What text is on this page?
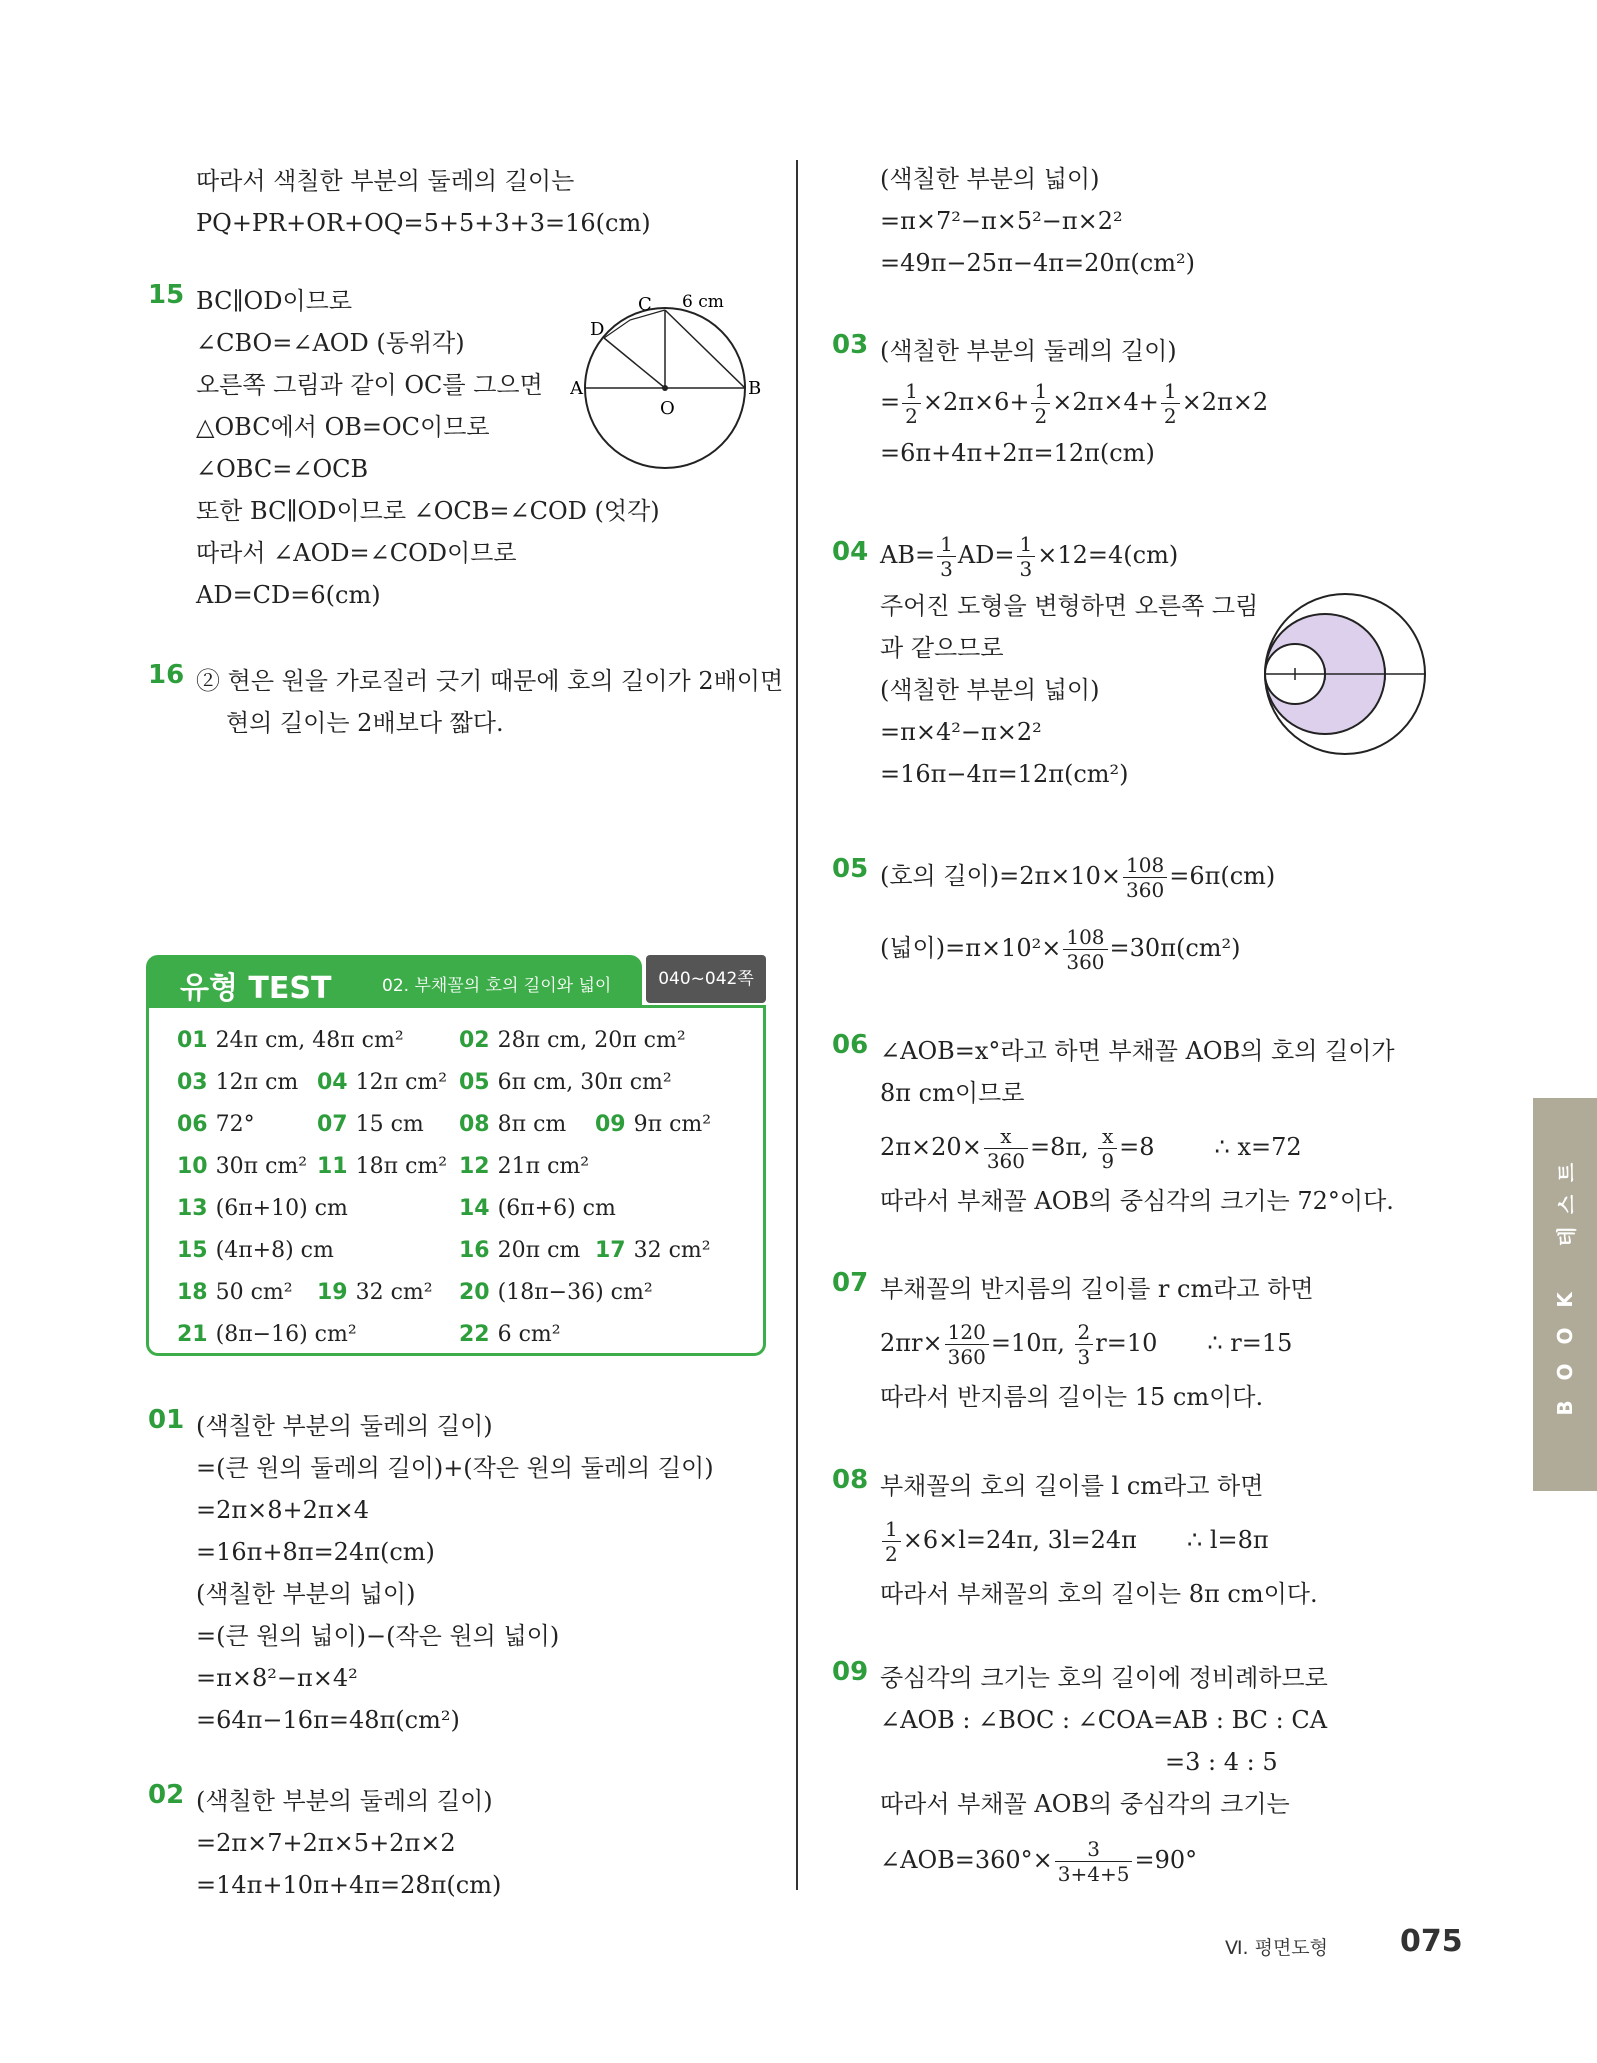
따라서 색칠한 부분의 둘레의 길이는
PQ+PR+OR+OQ=5+5+3+3=16(cm)
15 BC∥OD이므로
∠CBO=∠AOD (동위각)
오른쪽 그림과 같이 OC를 그으면
△OBC에서 OB=OC이므로
∠OBC=∠OCB
또한 BC∥OD이므로 ∠OCB=∠COD (엇각)
따라서 ∠AOD=∠COD이므로
AD=CD=6(cm)
16 ② 현은 원을 가로질러 긋기 때문에 호의 길이가 2배이면
현의 길이는 2배보다 짧다.
01 (색칠한 부분의 둘레의 길이)
=(큰 원의 둘레의 길이)+(작은 원의 둘레의 길이)
=2π×8+2π×4
=16π+8π=24π(cm)
(색칠한 부분의 넓이)
=(큰 원의 넓이)−(작은 원의 넓이)
=π×8²−π×4²
=64π−16π=48π(cm²)
02 (색칠한 부분의 둘레의 길이)
=2π×7+2π×5+2π×2
=14π+10π+4π=28π(cm)
C
D
A	B
O
6 cm
유형 TEST	02. 부채꼴의 호의 길이와 넓이	040~042쪽
01 24π cm, 48π cm²	02 28π cm, 20π cm²
03 12π cm 04 12π cm² 05 6π cm, 30π cm²
06 72°	07 15 cm 08 8π cm 09 9π cm²
10 30π cm² 11 18π cm² 12 21π cm²
13 (6π+10) cm	14 (6π+6) cm
15 (4π+8) cm	16 20π cm 17 32 cm²
18 50 cm² 19 32 cm² 20 (18π−36) cm²
21 (8π−16) cm²	22 6 cm²
(색칠한 부분의 넓이)
=π×7²−π×5²−π×2²
=49π−25π−4π=20π(cm²)
03 (색칠한 부분의 둘레의 길이)
= $\frac{1}{2} \times 2\pi\times 6+ \frac{1}{2} \times 2\pi\times 4+ \frac{1}{2} \times 2\pi\times 2$
=6π+4π+2π=12π(cm)
04 $AB= \frac{1}{3} AD= \frac{1}{3} \times 12=4(cm)$
주어진 도형을 변형하면 오른쪽 그림
과 같으므로
(색칠한 부분의 넓이)
=π×4²−π×2²
=16π−4π=12π(cm²)
05 (호의 길이)$=2\pi\times 10\times \frac{108}{360} =6\pi(cm)$
(넓이)$=\pi\times 10^2\times \frac{108}{360} =30\pi(cm^2)$
06 ∠AOB=x°라고 하면 부채꼴 AOB의 호의 길이가
8π cm이므로
$2\pi\times 20\times \frac{x}{360} =8\pi$, $\frac{x}{9} =8$	∴ x=72
따라서 부채꼴 AOB의 중심각의 크기는 72°이다.
07 부채꼴의 반지름의 길이를 r cm라고 하면
$2\pi r\times \frac{120}{360} =10\pi$, $\frac{2}{3} r=10$ ∴ r=15
따라서 반지름의 길이는 15 cm이다.
08 부채꼴의 호의 길이를 l cm라고 하면
$\frac{1}{2} \times 6\times l=24\pi$, 3l=24π ∴ l=8π
따라서 부채꼴의 호의 길이는 8π cm이다.
09 중심각의 크기는 호의 길이에 정비례하므로
∠AOB : ∠BOC : ∠COA=AB : BC : CA
=3 : 4 : 5
따라서 부채꼴 AOB의 중심각의 크기는
∠AOB=360°× $\frac{3}{3+4+5} =90^\circ$
트
스
테
K
O
O
B
Ⅵ. 평면도형 075
